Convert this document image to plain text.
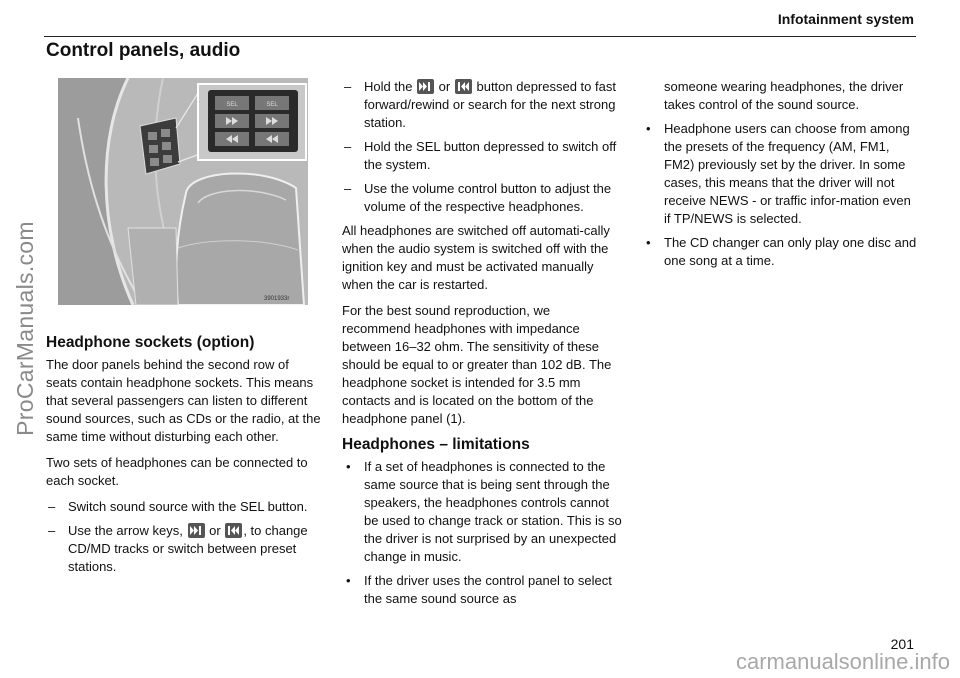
Infotainment system
Control panels, audio
SEL	SEL
3901933r
Headphone sockets (option)

The door panels behind the second row of seats contain headphone sockets. This means that several passengers can listen to different sound sources, such as CDs or the radio, at the same time without disturbing each other.

Two sets of headphones can be connected to each socket.

– Switch sound source with the SEL button.
– Use the arrow keys, or , to change CD/MD tracks or switch between preset stations.
– Hold the or button depressed to fast forward/rewind or search for the next strong station.
– Hold the SEL button depressed to switch off the system.
– Use the volume control button to adjust the volume of the respective headphones.

All headphones are switched off automati-cally when the audio system is switched off with the ignition key and must be activated manually when the car is restarted.

For the best sound reproduction, we recommend headphones with impedance between 16–32 ohm. The sensitivity of these should be equal to or greater than 102 dB. The headphone socket is intended for 3.5 mm contacts and is located on the bottom of the headphone panel (1).

Headphones – limitations
• If a set of headphones is connected to the same source that is being sent through the speakers, the headphones controls cannot be used to change track or station. This is so the driver is not surprised by an unexpected change in music.
• If the driver uses the control panel to select the same sound source as
someone wearing headphones, the driver takes control of the sound source.
• Headphone users can choose from among the presets of the frequency (AM, FM1, FM2) previously set by the driver. In some cases, this means that the driver will not receive NEWS - or traffic infor-mation even if TP/NEWS is selected.
• The CD changer can only play one disc and one song at a time.
201
ProCarManuals.com
carmanualsonline.info
